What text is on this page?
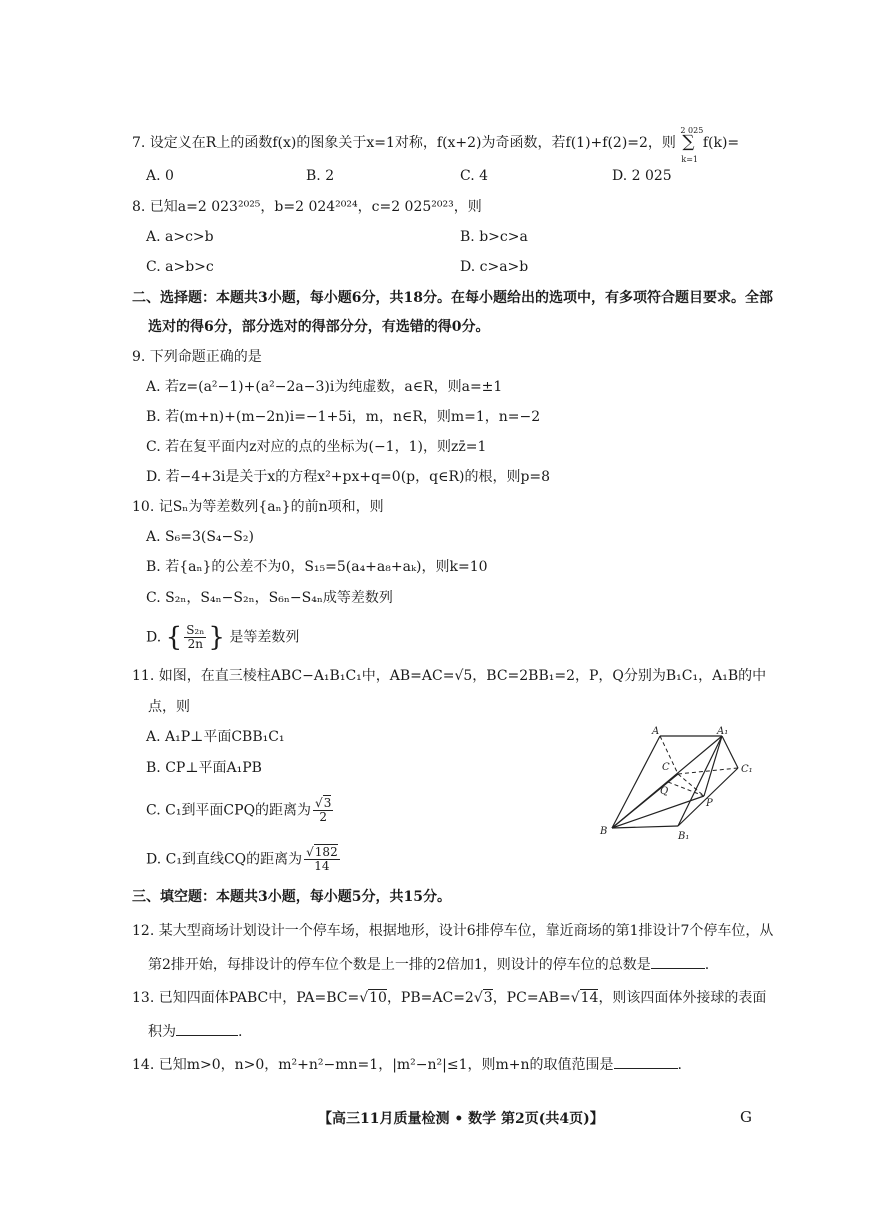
7. 设定义在R上的函数f(x)的图象关于x=1对称，f(x+2)为奇函数，若f(1)+f(2)=2，则
2 025
∑
k=1
f(k)=
A. 0	B. 2	C. 4	D. 2 025
8. 已知a=2 023²⁰²⁵，b=2 024²⁰²⁴，c=2 025²⁰²³，则
A. a>c>b	B. b>c>a
C. a>b>c	D. c>a>b
二、选择题：本题共3小题，每小题6分，共18分。在每小题给出的选项中，有多项符合题目要求。全部
选对的得6分，部分选对的得部分分，有选错的得0分。
9. 下列命题正确的是
A. 若z=(a²−1)+(a²−2a−3)i为纯虚数，a∈R，则a=±1
B. 若(m+n)+(m−2n)i=−1+5i，m，n∈R，则m=1，n=−2
C. 若在复平面内z对应的点的坐标为(−1，1)，则zz̄=1
D. 若−4+3i是关于x的方程x²+px+q=0(p，q∈R)的根，则p=8
10. 记Sₙ为等差数列{aₙ}的前n项和，则
A. S₆=3(S₄−S₂)
B. 若{aₙ}的公差不为0，S₁₅=5(a₄+a₈+aₖ)，则k=10
C. S₂ₙ，S₄ₙ−S₂ₙ，S₆ₙ−S₄ₙ成等差数列
D. { $\frac{\text{S₂ₙ}}{2n}$ } 是等差数列
11. 如图，在直三棱柱ABC−A₁B₁C₁中，AB=AC=√5，BC=2BB₁=2，P，Q分别为B₁C₁，A₁B的中
点，则
A. A₁P⊥平面CBB₁C₁
B. CP⊥平面A₁PB
C. C₁到平面CPQ的距离为 $\frac{√3}{2}$
D. C₁到直线CQ的距离为 $\frac{√182}{14}$
A	A₁
C	C₁
Q
P
B	B₁
三、填空题：本题共3小题，每小题5分，共15分。
12. 某大型商场计划设计一个停车场，根据地形，设计6排停车位，靠近商场的第1排设计7个停车位，从
第2排开始，每排设计的停车位个数是上一排的2倍加1，则设计的停车位的总数是	.
13. 已知四面体PABC中，PA=BC=√10，PB=AC=2√3，PC=AB=√14，则该四面体外接球的表面
积为	.
14. 已知m>0，n>0，m²+n²−mn=1，|m²−n²|≤1，则m+n的取值范围是	.
【高三11月质量检测 • 数学 第2页(共4页)】	G
